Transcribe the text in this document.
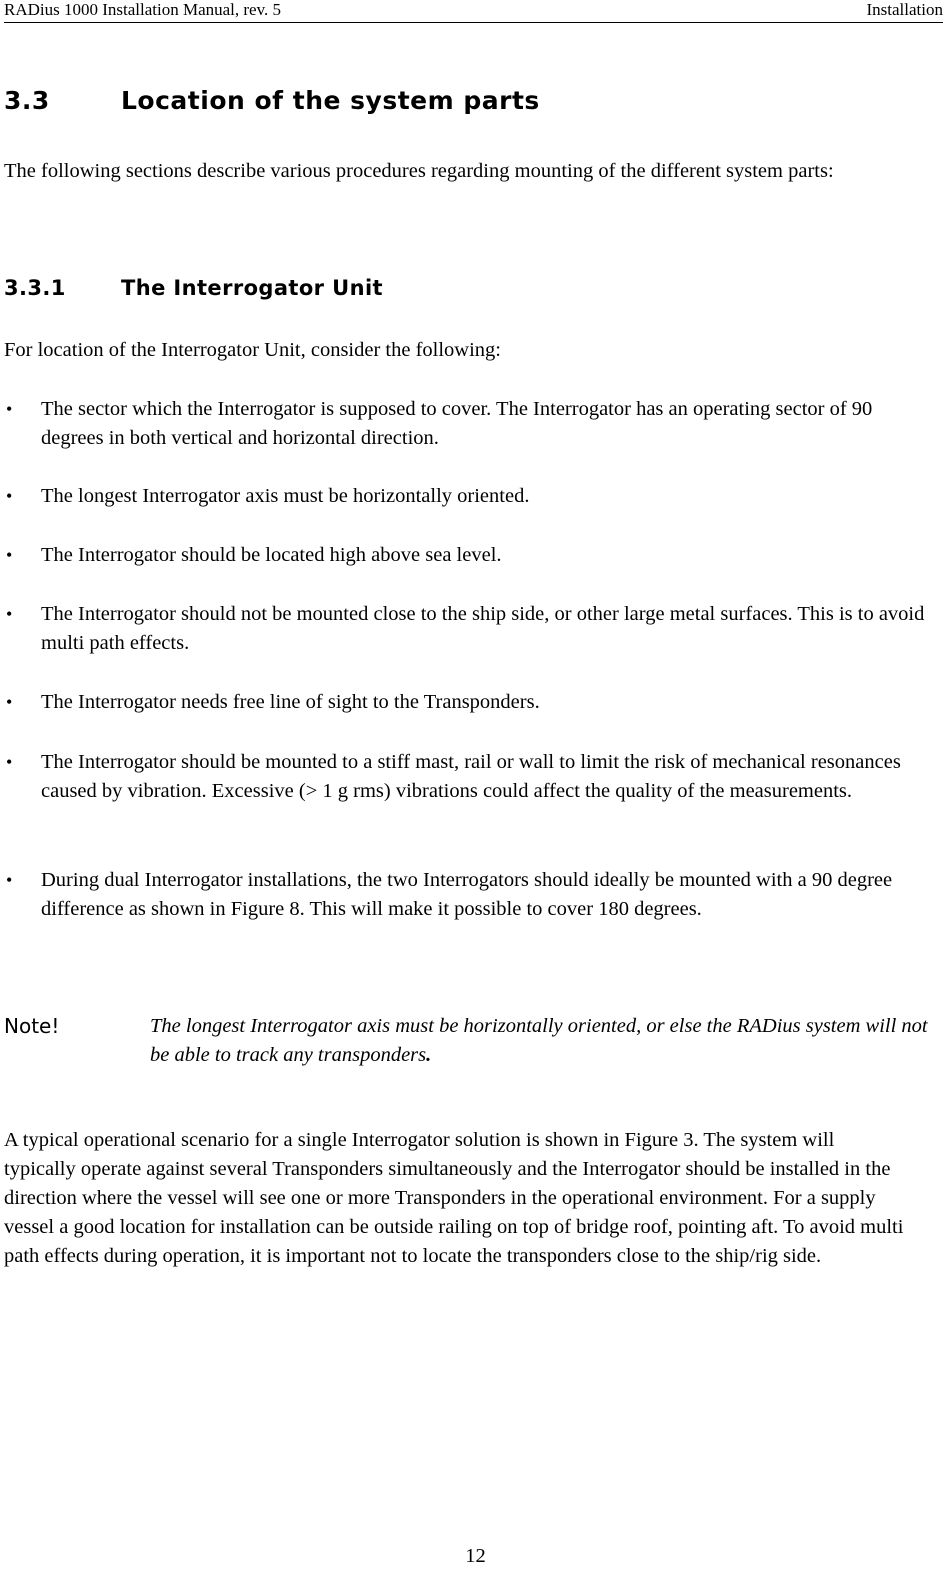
RADius 1000 Installation Manual, rev. 5	Installation
3.3	Location of the system parts

The following sections describe various procedures regarding mounting of the different system parts:

3.3.1	The Interrogator Unit

For location of the Interrogator Unit, consider the following:

• The sector which the Interrogator is supposed to cover. The Interrogator has an operating sector of 90 degrees in both vertical and horizontal direction.
• The longest Interrogator axis must be horizontally oriented.
• The Interrogator should be located high above sea level.
• The Interrogator should not be mounted close to the ship side, or other large metal surfaces. This is to avoid multi path effects.
• The Interrogator needs free line of sight to the Transponders.
• The Interrogator should be mounted to a stiff mast, rail or wall to limit the risk of mechanical resonances caused by vibration. Excessive (> 1 g rms) vibrations could affect the quality of the measurements.
• During dual Interrogator installations, the two Interrogators should ideally be mounted with a 90 degree difference as shown in Figure 8. This will make it possible to cover 180 degrees.
Note!	The longest Interrogator axis must be horizontally oriented, or else the RADius system will not be able to track any transponders.

A typical operational scenario for a single Interrogator solution is shown in Figure 3. The system will typically operate against several Transponders simultaneously and the Interrogator should be installed in the direction where the vessel will see one or more Transponders in the operational environment. For a supply vessel a good location for installation can be outside railing on top of bridge roof, pointing aft. To avoid multi path effects during operation, it is important not to locate the transponders close to the ship/rig side.

12
